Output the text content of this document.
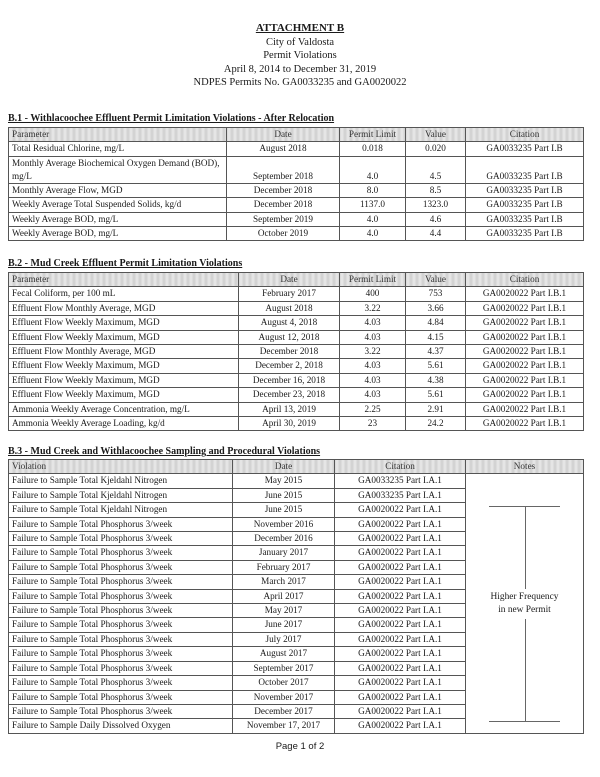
ATTACHMENT B
City of Valdosta
Permit Violations
April 8, 2014 to December 31, 2019
NDPES Permits No. GA0033235 and GA0020022
B.1 - Withlacoochee Effluent Permit Limitation Violations - After Relocation
Parameter	Date	Permit Limit	Value	Citation
Total Residual Chlorine, mg/L	August 2018	0.018	0.020	GA0033235 Part I.B
Monthly Average Biochemical Oxygen Demand (BOD), mg/L	September 2018	4.0	4.5	GA0033235 Part I.B
Monthly Average Flow, MGD	December 2018	8.0	8.5	GA0033235 Part I.B
Weekly Average Total Suspended Solids, kg/d	December 2018	1137.0	1323.0	GA0033235 Part I.B
Weekly Average BOD, mg/L	September 2019	4.0	4.6	GA0033235 Part I.B
Weekly Average BOD, mg/L	October 2019	4.0	4.4	GA0033235 Part I.B
B.2 - Mud Creek Effluent Permit Limitation Violations
Parameter	Date	Permit Limit	Value	Citation
Fecal Coliform, per 100 mL	February 2017	400	753	GA0020022 Part I.B.1
Effluent Flow Monthly Average, MGD	August 2018	3.22	3.66	GA0020022 Part I.B.1
Effluent Flow Weekly Maximum, MGD	August 4, 2018	4.03	4.84	GA0020022 Part I.B.1
Effluent Flow Weekly Maximum, MGD	August 12, 2018	4.03	4.15	GA0020022 Part I.B.1
Effluent Flow Monthly Average, MGD	December 2018	3.22	4.37	GA0020022 Part I.B.1
Effluent Flow Weekly Maximum, MGD	December 2, 2018	4.03	5.61	GA0020022 Part I.B.1
Effluent Flow Weekly Maximum, MGD	December 16, 2018	4.03	4.38	GA0020022 Part I.B.1
Effluent Flow Weekly Maximum, MGD	December 23, 2018	4.03	5.61	GA0020022 Part I.B.1
Ammonia Weekly Average Concentration, mg/L	April 13, 2019	2.25	2.91	GA0020022 Part I.B.1
Ammonia Weekly Average Loading, kg/d	April 30, 2019	23	24.2	GA0020022 Part I.B.1
B.3 - Mud Creek and Withlacoochee Sampling and Procedural Violations
Violation	Date	Citation	Notes
Failure to Sample Total Kjeldahl Nitrogen	May 2015	GA0033235 Part I.A.1	Higher Frequency
in new Permit
Failure to Sample Total Kjeldahl Nitrogen	June 2015	GA0033235 Part I.A.1	
Failure to Sample Total Kjeldahl Nitrogen	June 2015	GA0020022 Part I.A.1	
Failure to Sample Total Phosphorus 3/week	November 2016	GA0020022 Part I.A.1	
Failure to Sample Total Phosphorus 3/week	December 2016	GA0020022 Part I.A.1	
Failure to Sample Total Phosphorus 3/week	January 2017	GA0020022 Part I.A.1	
Failure to Sample Total Phosphorus 3/week	February 2017	GA0020022 Part I.A.1	
Failure to Sample Total Phosphorus 3/week	March 2017	GA0020022 Part I.A.1	
Failure to Sample Total Phosphorus 3/week	April 2017	GA0020022 Part I.A.1	
Failure to Sample Total Phosphorus 3/week	May 2017	GA0020022 Part I.A.1	
Failure to Sample Total Phosphorus 3/week	June 2017	GA0020022 Part I.A.1	
Failure to Sample Total Phosphorus 3/week	July 2017	GA0020022 Part I.A.1	
Failure to Sample Total Phosphorus 3/week	August 2017	GA0020022 Part I.A.1	
Failure to Sample Total Phosphorus 3/week	September 2017	GA0020022 Part I.A.1	
Failure to Sample Total Phosphorus 3/week	October 2017	GA0020022 Part I.A.1	
Failure to Sample Total Phosphorus 3/week	November 2017	GA0020022 Part I.A.1	
Failure to Sample Total Phosphorus 3/week	December 2017	GA0020022 Part I.A.1	
Failure to Sample Daily Dissolved Oxygen	November 17, 2017	GA0020022 Part I.A.1	
Page 1 of 2
